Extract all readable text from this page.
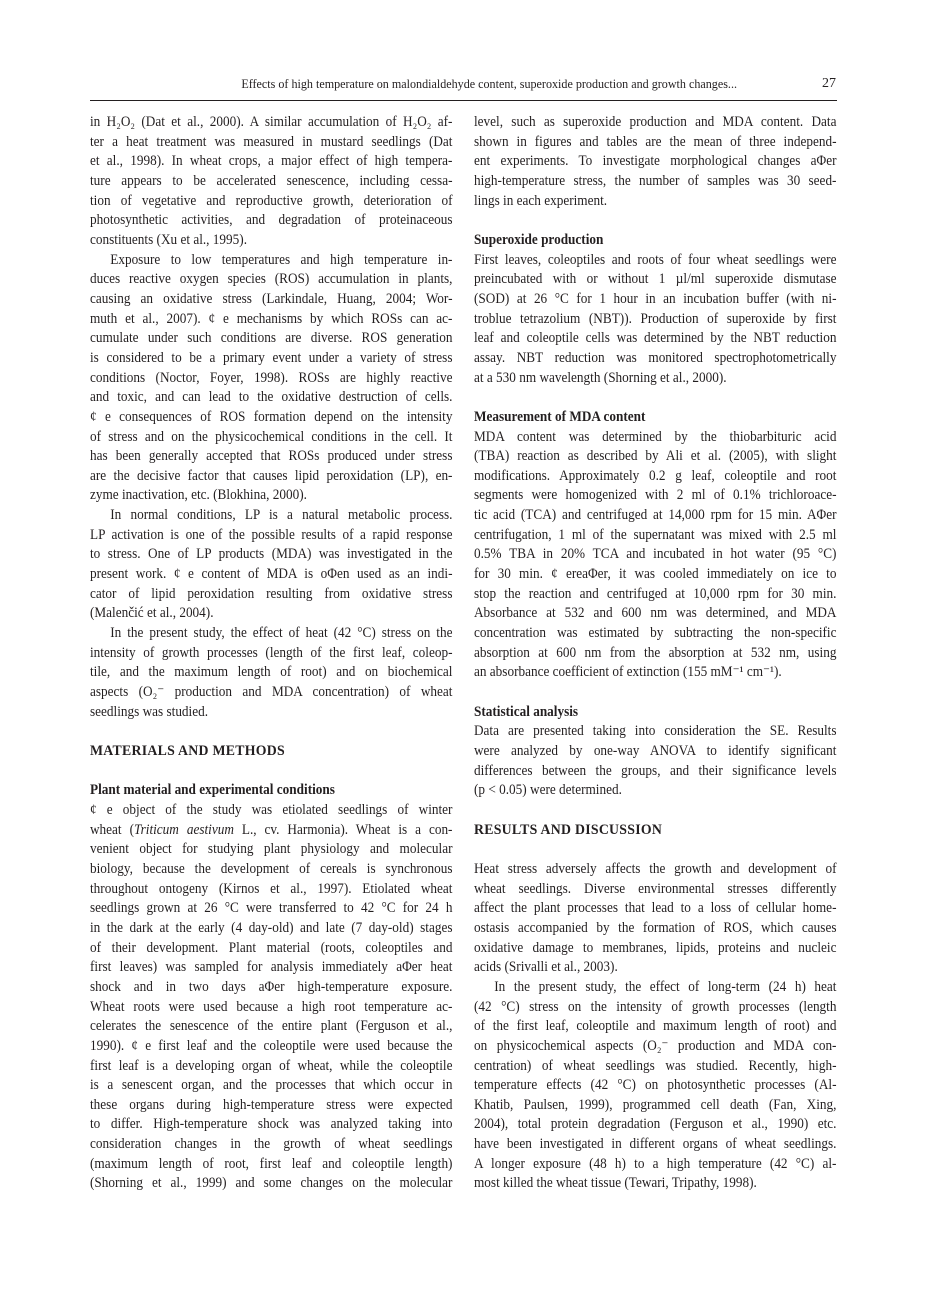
Effects of high temperature on malondialdehyde content, superoxide production and growth changes...	27
in H₂O₂ (Dat et al., 2000). A similar accumulation of H₂O₂ af-
ter a heat treatment was measured in mustard seedlings (Dat
et al., 1998). In wheat crops, a major effect of high tempera-
ture appears to be accelerated senescence, including cessa-
tion of vegetative and reproductive growth, deterioration of
photosynthetic activities, and degradation of proteinaceous
constituents (Xu et al., 1995).
Exposure to low temperatures and high temperature in-
duces reactive oxygen species (ROS) accumulation in plants,
causing an oxidative stress (Larkindale, Huang, 2004; Wor-
muth et al., 2007). ¢ e mechanisms by which ROSs can ac-
cumulate under such conditions are diverse. ROS generation
is considered to be a primary event under a variety of stress
conditions (Noctor, Foyer, 1998). ROSs are highly reactive
and toxic, and can lead to the oxidative destruction of cells.
¢ e consequences of ROS formation depend on the intensity
of stress and on the physicochemical conditions in the cell. It
has been generally accepted that ROSs produced under stress
are the decisive factor that causes lipid peroxidation (LP), en-
zyme inactivation, etc. (Blokhina, 2000).
In normal conditions, LP is a natural metabolic process.
LP activation is one of the possible results of a rapid response
to stress. One of LP products (MDA) was investigated in the
present work. ¢ e content of MDA is oΦen used as an indi-
cator of lipid peroxidation resulting from oxidative stress
(Malenčić et al., 2004).
In the present study, the effect of heat (42 °C) stress on the
intensity of growth processes (length of the first leaf, coleop-
tile, and the maximum length of root) and on biochemical
aspects (O₂⁻ production and MDA concentration) of wheat
seedlings was studied.
MATERIALS AND METHODS
Plant material and experimental conditions
¢ e object of the study was etiolated seedlings of winter
wheat (Triticum aestivum L., cv. Harmonia). Wheat is a con-
venient object for studying plant physiology and molecular
biology, because the development of cereals is synchronous
throughout ontogeny (Kirnos et al., 1997). Etiolated wheat
seedlings grown at 26 °C were transferred to 42 °C for 24 h
in the dark at the early (4 day-old) and late (7 day-old) stages
of their development. Plant material (roots, coleoptiles and
first leaves) was sampled for analysis immediately aΦer heat
shock and in two days aΦer high-temperature exposure.
Wheat roots were used because a high root temperature ac-
celerates the senescence of the entire plant (Ferguson et al.,
1990). ¢ e first leaf and the coleoptile were used because the
first leaf is a developing organ of wheat, while the coleoptile
is a senescent organ, and the processes that which occur in
these organs during high-temperature stress were expected
to differ. High-temperature shock was analyzed taking into
consideration changes in the growth of wheat seedlings
(maximum length of root, first leaf and coleoptile length)
(Shorning et al., 1999) and some changes on the molecular
level, such as superoxide production and MDA content. Data
shown in figures and tables are the mean of three independ-
ent experiments. To investigate morphological changes aΦer
high-temperature stress, the number of samples was 30 seed-
lings in each experiment.
Superoxide production
First leaves, coleoptiles and roots of four wheat seedlings were
preincubated with or without 1 µl/ml superoxide dismutase
(SOD) at 26 °C for 1 hour in an incubation buffer (with ni-
troblue tetrazolium (NBT)). Production of superoxide by first
leaf and coleoptile cells was determined by the NBT reduction
assay. NBT reduction was monitored spectrophotometrically
at a 530 nm wavelength (Shorning et al., 2000).
Measurement of MDA content
MDA content was determined by the thiobarbituric acid
(TBA) reaction as described by Ali et al. (2005), with slight
modifications. Approximately 0.2 g leaf, coleoptile and root
segments were homogenized with 2 ml of 0.1% trichloroace-
tic acid (TCA) and centrifuged at 14,000 rpm for 15 min. AΦer
centrifugation, 1 ml of the supernatant was mixed with 2.5 ml
0.5% TBA in 20% TCA and incubated in hot water (95 °C)
for 30 min. ¢ ereaΦer, it was cooled immediately on ice to
stop the reaction and centrifuged at 10,000 rpm for 30 min.
Absorbance at 532 and 600 nm was determined, and MDA
concentration was estimated by subtracting the non-specific
absorption at 600 nm from the absorption at 532 nm, using
an absorbance coefficient of extinction (155 mM⁻¹ cm⁻¹).
Statistical analysis
Data are presented taking into consideration the SE. Results
were analyzed by one-way ANOVA to identify significant
differences between the groups, and their significance levels
(p < 0.05) were determined.
RESULTS AND DISCUSSION
Heat stress adversely affects the growth and development of
wheat seedlings. Diverse environmental stresses differently
affect the plant processes that lead to a loss of cellular home-
ostasis accompanied by the formation of ROS, which causes
oxidative damage to membranes, lipids, proteins and nucleic
acids (Srivalli et al., 2003).
In the present study, the effect of long-term (24 h) heat
(42 °C) stress on the intensity of growth processes (length
of the first leaf, coleoptile and maximum length of root) and
on physicochemical aspects (O₂⁻ production and MDA con-
centration) of wheat seedlings was studied. Recently, high-
temperature effects (42 °C) on photosynthetic processes (Al-
Khatib, Paulsen, 1999), programmed cell death (Fan, Xing,
2004), total protein degradation (Ferguson et al., 1990) etc.
have been investigated in different organs of wheat seedlings.
A longer exposure (48 h) to a high temperature (42 °C) al-
most killed the wheat tissue (Tewari, Tripathy, 1998).
